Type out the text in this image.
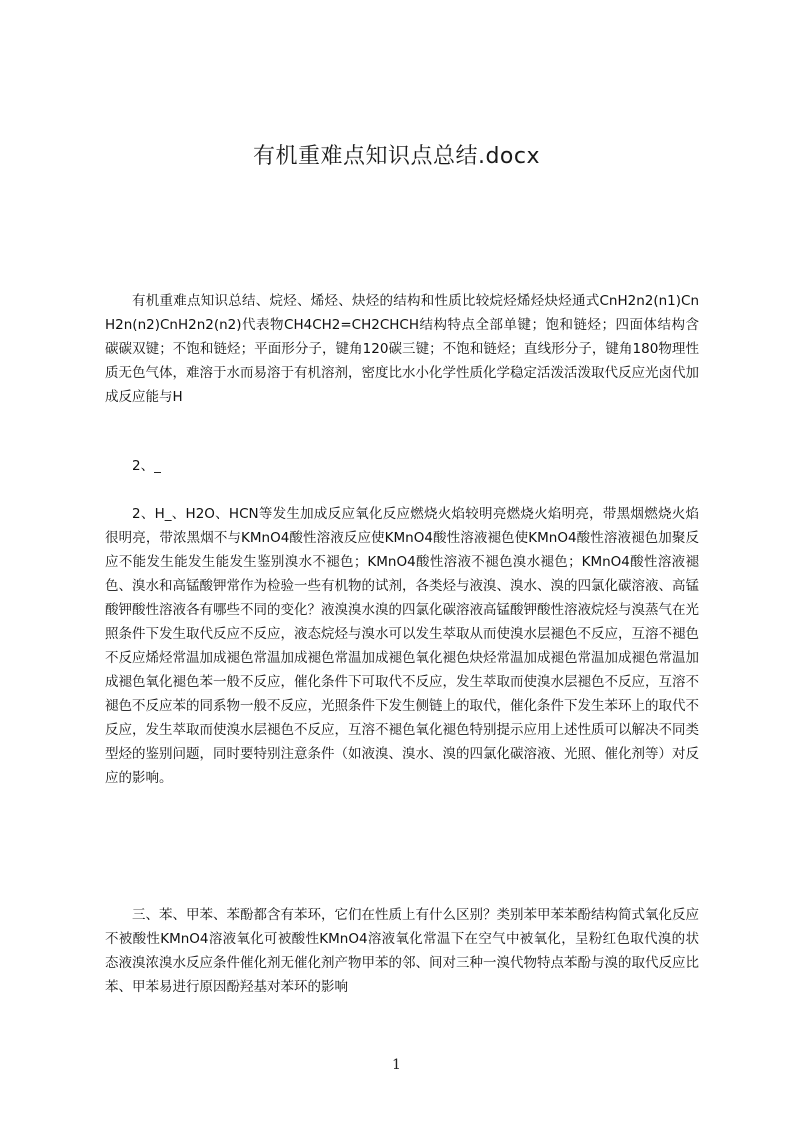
有机重难点知识点总结.docx

有机重难点知识总结、烷烃、烯烃、炔烃的结构和性质比较烷烃烯烃炔烃通式CnH2n2(n1)CnH2n(n2)CnH2n2(n2)代表物CH4CH2=CH2CHCH结构特点全部单键；饱和链烃；四面体结构含碳碳双键；不饱和链烃；平面形分子，键角120碳三键；不饱和链烃；直线形分子，键角180物理性质无色气体，难溶于水而易溶于有机溶剂，密度比水小化学性质化学稳定活泼活泼取代反应光卤代加成反应能与H

2、_

2、H_、H2O、HCN等发生加成反应氧化反应燃烧火焰较明亮燃烧火焰明亮，带黑烟燃烧火焰很明亮，带浓黑烟不与KMnO4酸性溶液反应使KMnO4酸性溶液褪色使KMnO4酸性溶液褪色加聚反应不能发生能发生能发生鉴别溴水不褪色；KMnO4酸性溶液不褪色溴水褪色；KMnO4酸性溶液褪色、溴水和高锰酸钾常作为检验一些有机物的试剂，各类烃与液溴、溴水、溴的四氯化碳溶液、高锰酸钾酸性溶液各有哪些不同的变化？液溴溴水溴的四氯化碳溶液高锰酸钾酸性溶液烷烃与溴蒸气在光照条件下发生取代反应不反应，液态烷烃与溴水可以发生萃取从而使溴水层褪色不反应，互溶不褪色不反应烯烃常温加成褪色常温加成褪色常温加成褪色氧化褪色炔烃常温加成褪色常温加成褪色常温加成褪色氧化褪色苯一般不反应，催化条件下可取代不反应，发生萃取而使溴水层褪色不反应，互溶不褪色不反应苯的同系物一般不反应，光照条件下发生侧链上的取代，催化条件下发生苯环上的取代不反应，发生萃取而使溴水层褪色不反应，互溶不褪色氧化褪色特别提示应用上述性质可以解决不同类型烃的鉴别问题，同时要特别注意条件（如液溴、溴水、溴的四氯化碳溶液、光照、催化剂等）对反应的影响。

三、苯、甲苯、苯酚都含有苯环，它们在性质上有什么区别？类别苯甲苯苯酚结构简式氧化反应不被酸性KMnO4溶液氧化可被酸性KMnO4溶液氧化常温下在空气中被氧化，呈粉红色取代溴的状态液溴浓溴水反应条件催化剂无催化剂产物甲苯的邻、间对三种一溴代物特点苯酚与溴的取代反应比苯、甲苯易进行原因酚羟基对苯环的影响

1
